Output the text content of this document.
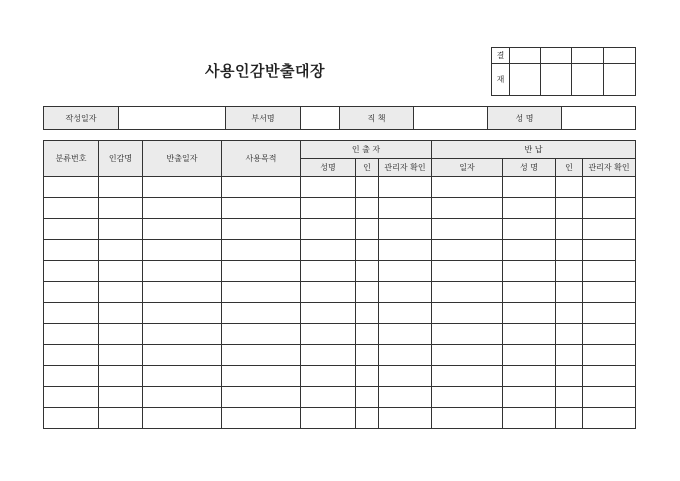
사용인감반출대장
결				
재				
작성일자		부서명		직 책		성 명	
분류번호	인감명	반출일자	사용목적	인 출 자			반 납			
				성명	인	관리자 확인	일자	성 명	인	관리자 확인
